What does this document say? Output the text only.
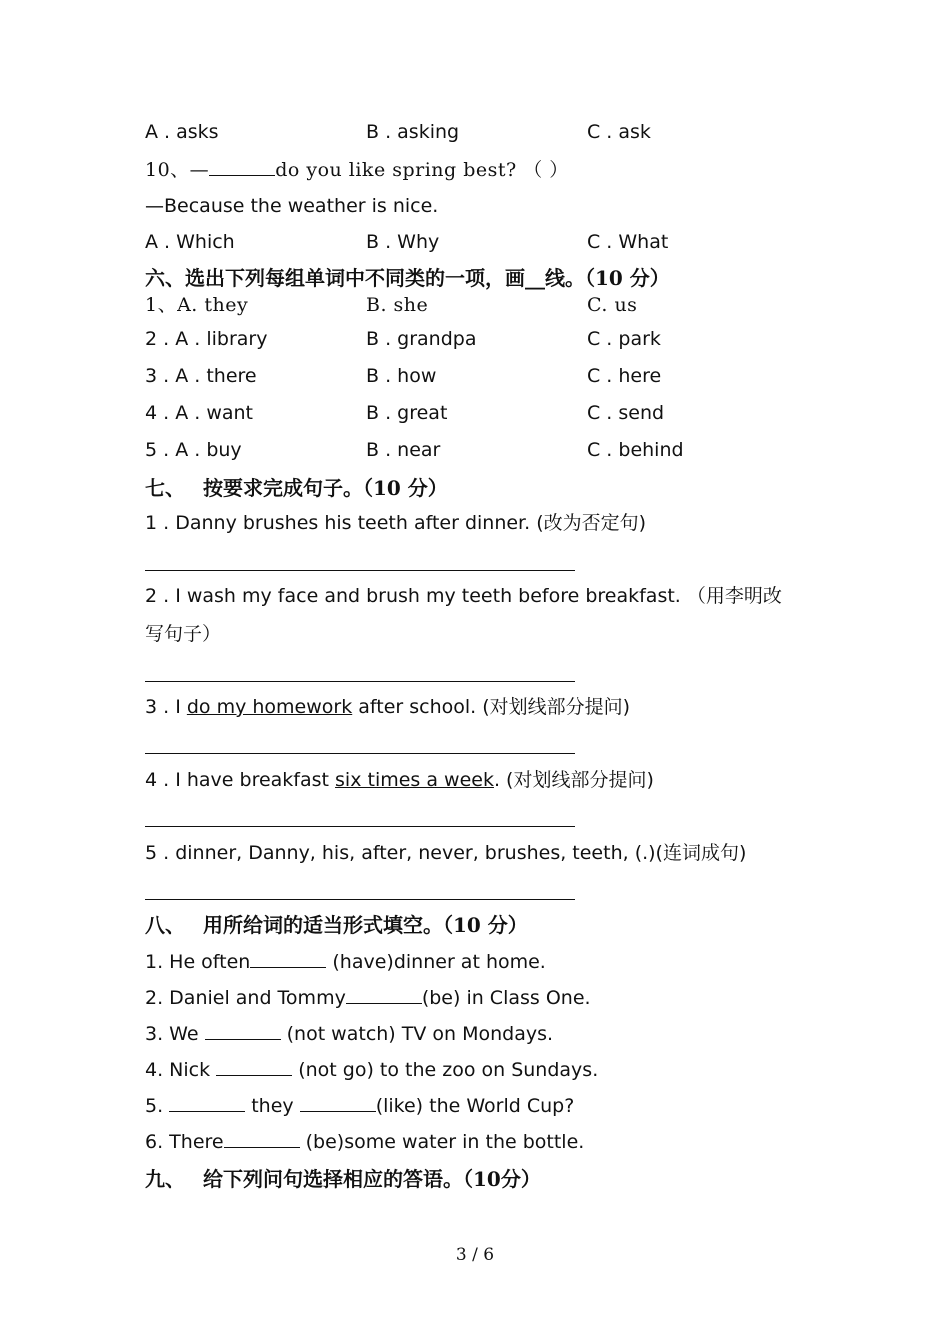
A . asks	B . asking	C . ask
10、—	do you like spring best? （ ）
—Because the weather is nice.
A . Which	B . Why	C . What
六、选出下列每组单词中不同类的一项，画__线。（10 分）
1、A. they	B. she	C. us
2 . A . library	B . grandpa	C . park
3 . A . there	B . how	C . here
4 . A . want	B . great	C . send
5 . A . buy	B . near	C . behind
七、 按要求完成句子。（10 分）
1 . Danny brushes his teeth after dinner. (改为否定句)
2 . I wash my face and brush my teeth before breakfast. （用李明改
写句子）
3 . I do my homework after school. (对划线部分提问)
4 . I have breakfast six times a week. (对划线部分提问)
5 . dinner, Danny, his, after, never, brushes, teeth, (.)(连词成句)
八、 用所给词的适当形式填空。（10 分）
1. He often	(have)dinner at home.
2. Daniel and Tommy	(be) in Class One.
3. We	(not watch) TV on Mondays.
4. Nick	(not go) to the zoo on Sundays.
5.	they	(like) the World Cup?
6. There	(be)some water in the bottle.
九、 给下列问句选择相应的答语。（10分）
3 / 6
